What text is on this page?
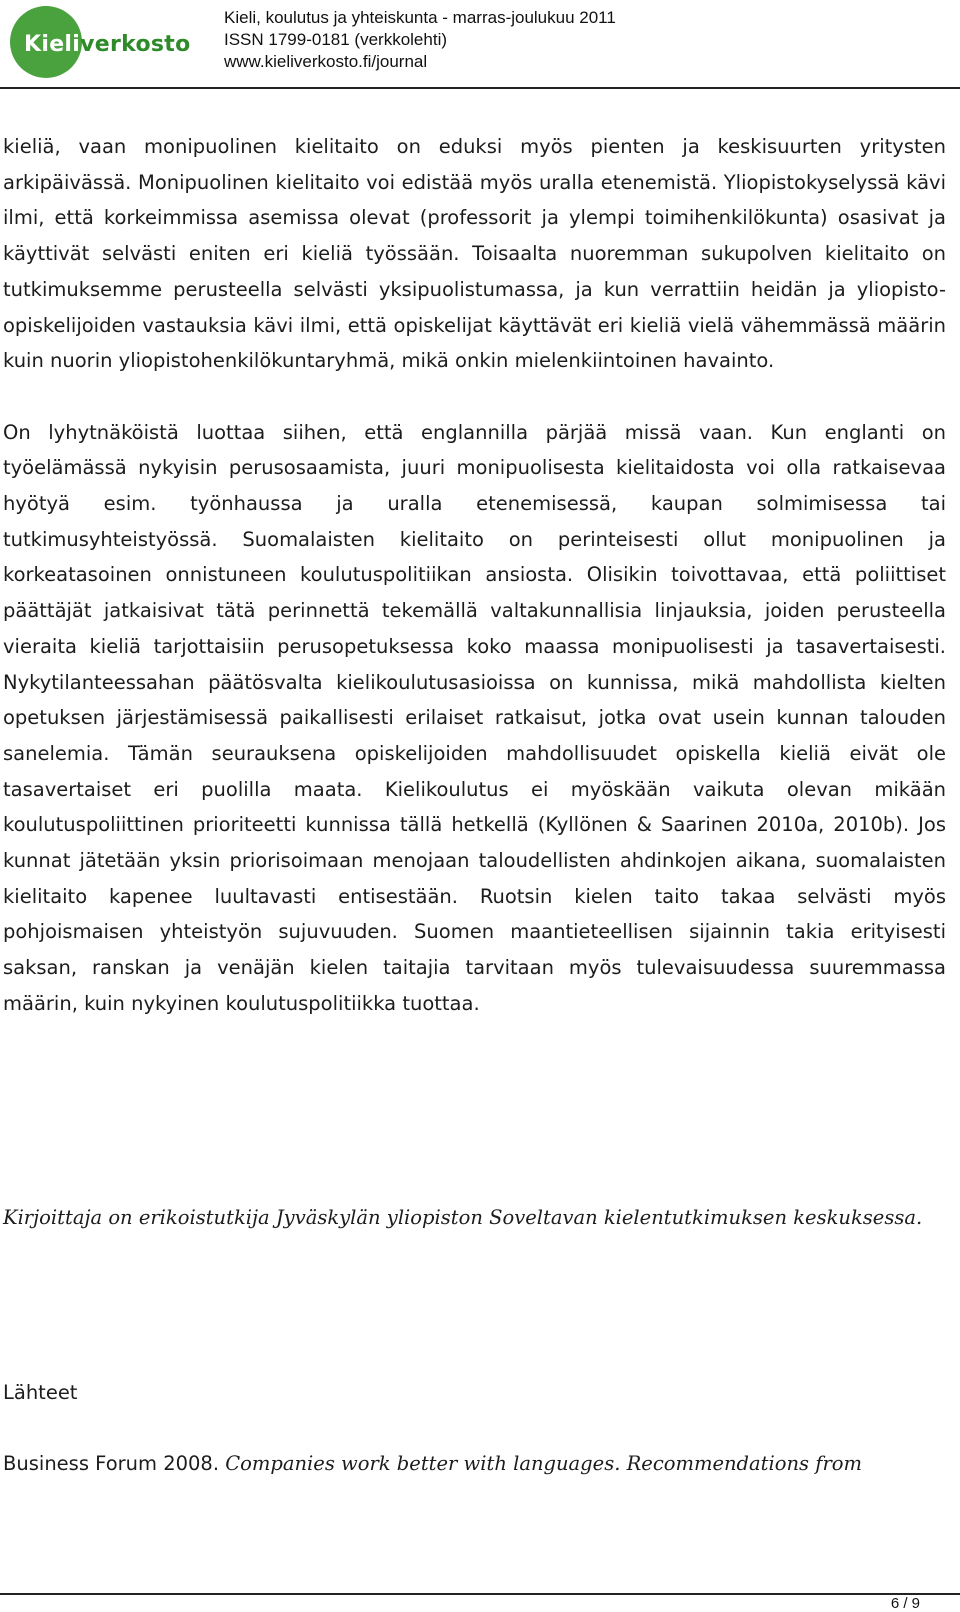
Kieliverkosto
Kieli, koulutus ja yhteiskunta - marras-joulukuu 2011
ISSN 1799-0181 (verkkolehti)
www.kieliverkosto.fi/journal

kieliä, vaan monipuolinen kielitaito on eduksi myös pienten ja keskisuurten yritysten arkipäivässä. Monipuolinen kielitaito voi edistää myös uralla etenemistä. Yliopistokyselyssä kävi ilmi, että korkeimmissa asemissa olevat (professorit ja ylempi toimihenkilökunta) osasivat ja käyttivät selvästi eniten eri kieliä työssään. Toisaalta nuoremman sukupolven kielitaito on tutkimuksemme perusteella selvästi yksipuolistumassa, ja kun verrattiin heidän ja yliopisto-opiskelijoiden vastauksia kävi ilmi, että opiskelijat käyttävät eri kieliä vielä vähemmässä määrin kuin nuorin yliopistohenkilökuntaryhmä, mikä onkin mielenkiintoinen havainto.

On lyhytnäköistä luottaa siihen, että englannilla pärjää missä vaan. Kun englanti on työelämässä nykyisin perusosaamista, juuri monipuolisesta kielitaidosta voi olla ratkaisevaa hyötyä esim. työnhaussa ja uralla etenemisessä, kaupan solmimisessa tai tutkimusyhteistyössä. Suomalaisten kielitaito on perinteisesti ollut monipuolinen ja korkeatasoinen onnistuneen koulutuspolitiikan ansiosta. Olisikin toivottavaa, että poliittiset päättäjät jatkaisivat tätä perinnettä tekemällä valtakunnallisia linjauksia, joiden perusteella vieraita kieliä tarjottaisiin perusopetuksessa koko maassa monipuolisesti ja tasavertaisesti. Nykytilanteessahan päätösvalta kielikoulutusasioissa on kunnissa, mikä mahdollista kielten opetuksen järjestämisessä paikallisesti erilaiset ratkaisut, jotka ovat usein kunnan talouden sanelemia. Tämän seurauksena opiskelijoiden mahdollisuudet opiskella kieliä eivät ole tasavertaiset eri puolilla maata. Kielikoulutus ei myöskään vaikuta olevan mikään koulutuspoliittinen prioriteetti kunnissa tällä hetkellä (Kyllönen & Saarinen 2010a, 2010b). Jos kunnat jätetään yksin priorisoimaan menojaan taloudellisten ahdinkojen aikana, suomalaisten kielitaito kapenee luultavasti entisestään. Ruotsin kielen taito takaa selvästi myös pohjoismaisen yhteistyön sujuvuuden. Suomen maantieteellisen sijainnin takia erityisesti saksan, ranskan ja venäjän kielen taitajia tarvitaan myös tulevaisuudessa suuremmassa määrin, kuin nykyinen koulutuspolitiikka tuottaa.

Kirjoittaja on erikoistutkija Jyväskylän yliopiston Soveltavan kielentutkimuksen keskuksessa.

Lähteet

Business Forum 2008. Companies work better with languages. Recommendations from

6 / 9
